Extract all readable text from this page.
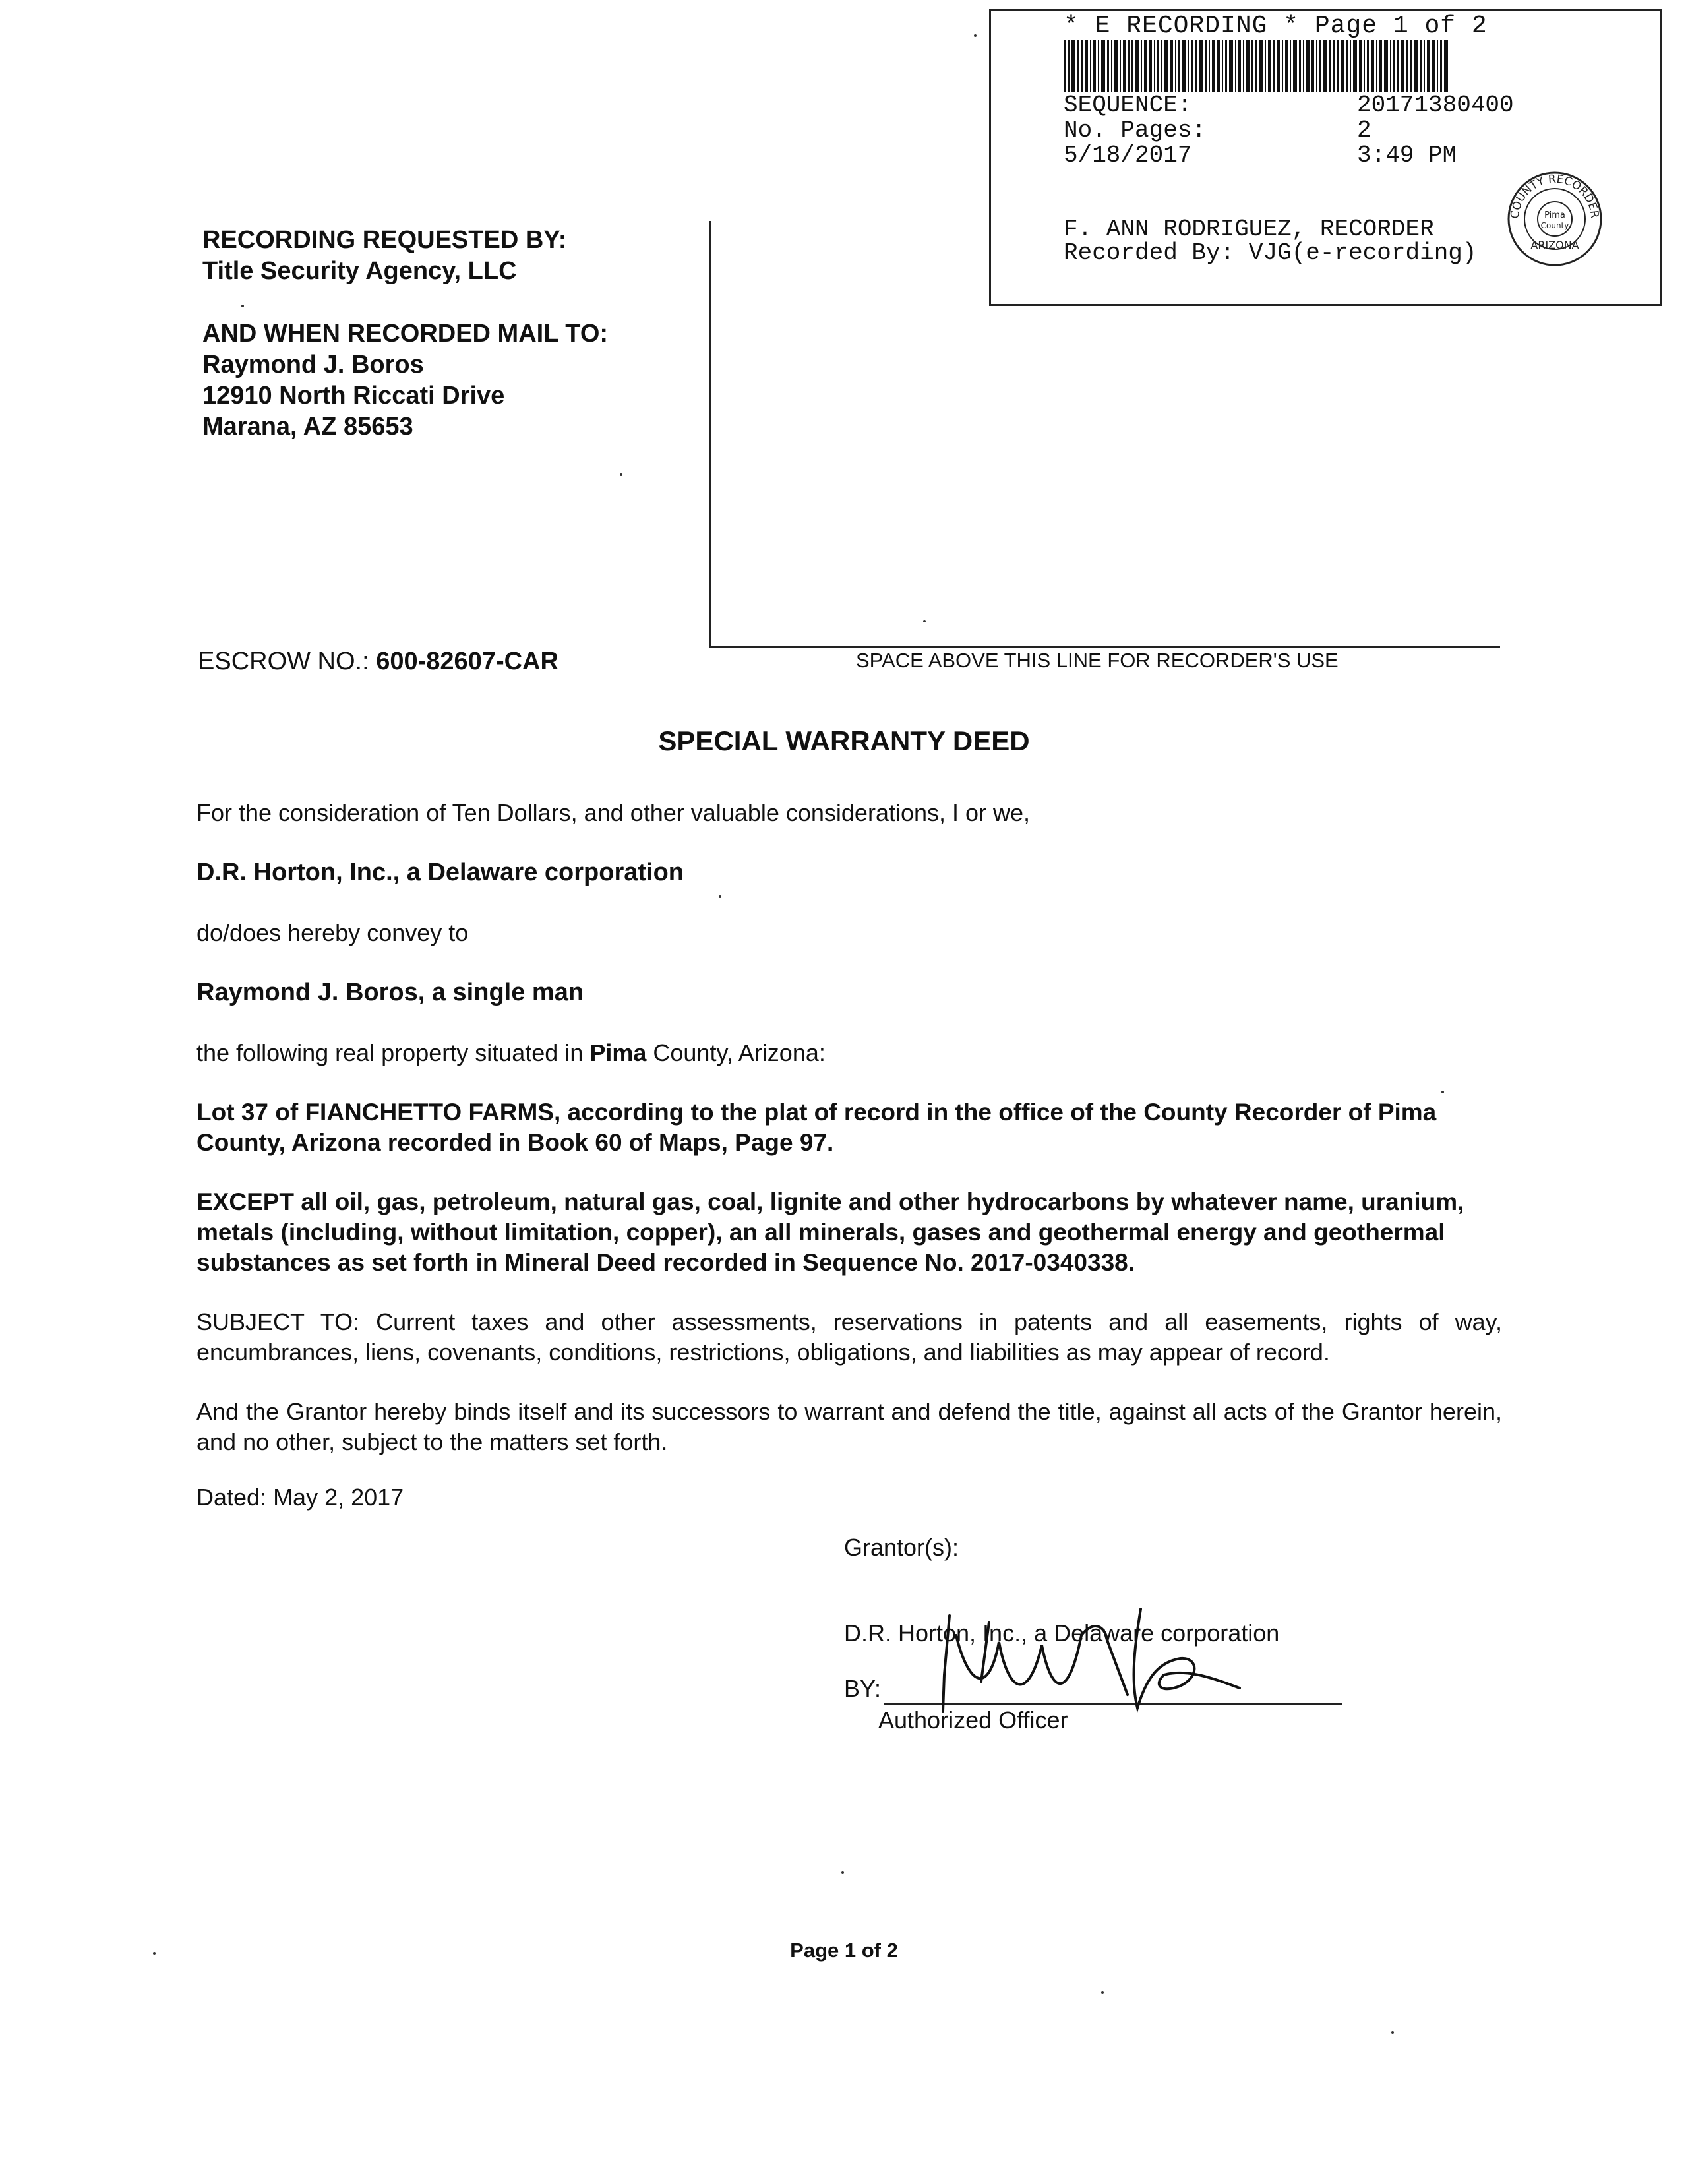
* E RECORDING * Page 1 of 2
SEQUENCE:	20171380400
No. Pages:	2
5/18/2017	3:49 PM
F. ANN RODRIGUEZ, RECORDER
Recorded By: VJG(e-recording)
COUNTY RECORDER
ARIZONA
Pima
County
RECORDING REQUESTED BY:
Title Security Agency, LLC
AND WHEN RECORDED MAIL TO:
Raymond J. Boros
12910 North Riccati Drive
Marana, AZ 85653
ESCROW NO.: 600-82607-CAR	SPACE ABOVE THIS LINE FOR RECORDER'S USE
SPECIAL WARRANTY DEED
For the consideration of Ten Dollars, and other valuable considerations, I or we,
D.R. Horton, Inc., a Delaware corporation
do/does hereby convey to
Raymond J. Boros, a single man
the following real property situated in Pima County, Arizona:
Lot 37 of FIANCHETTO FARMS, according to the plat of record in the office of the County Recorder of Pima County, Arizona recorded in Book 60 of Maps, Page 97.
EXCEPT all oil, gas, petroleum, natural gas, coal, lignite and other hydrocarbons by whatever name, uranium, metals (including, without limitation, copper), an all minerals, gases and geothermal energy and geothermal substances as set forth in Mineral Deed recorded in Sequence No. 2017-0340338.
SUBJECT TO: Current taxes and other assessments, reservations in patents and all easements, rights of way, encumbrances, liens, covenants, conditions, restrictions, obligations, and liabilities as may appear of record.
And the Grantor hereby binds itself and its successors to warrant and defend the title, against all acts of the Grantor herein, and no other, subject to the matters set forth.
Dated: May 2, 2017
Grantor(s):
D.R. Horton, Inc., a Delaware corporation
BY:
Authorized Officer
Page 1 of 2
